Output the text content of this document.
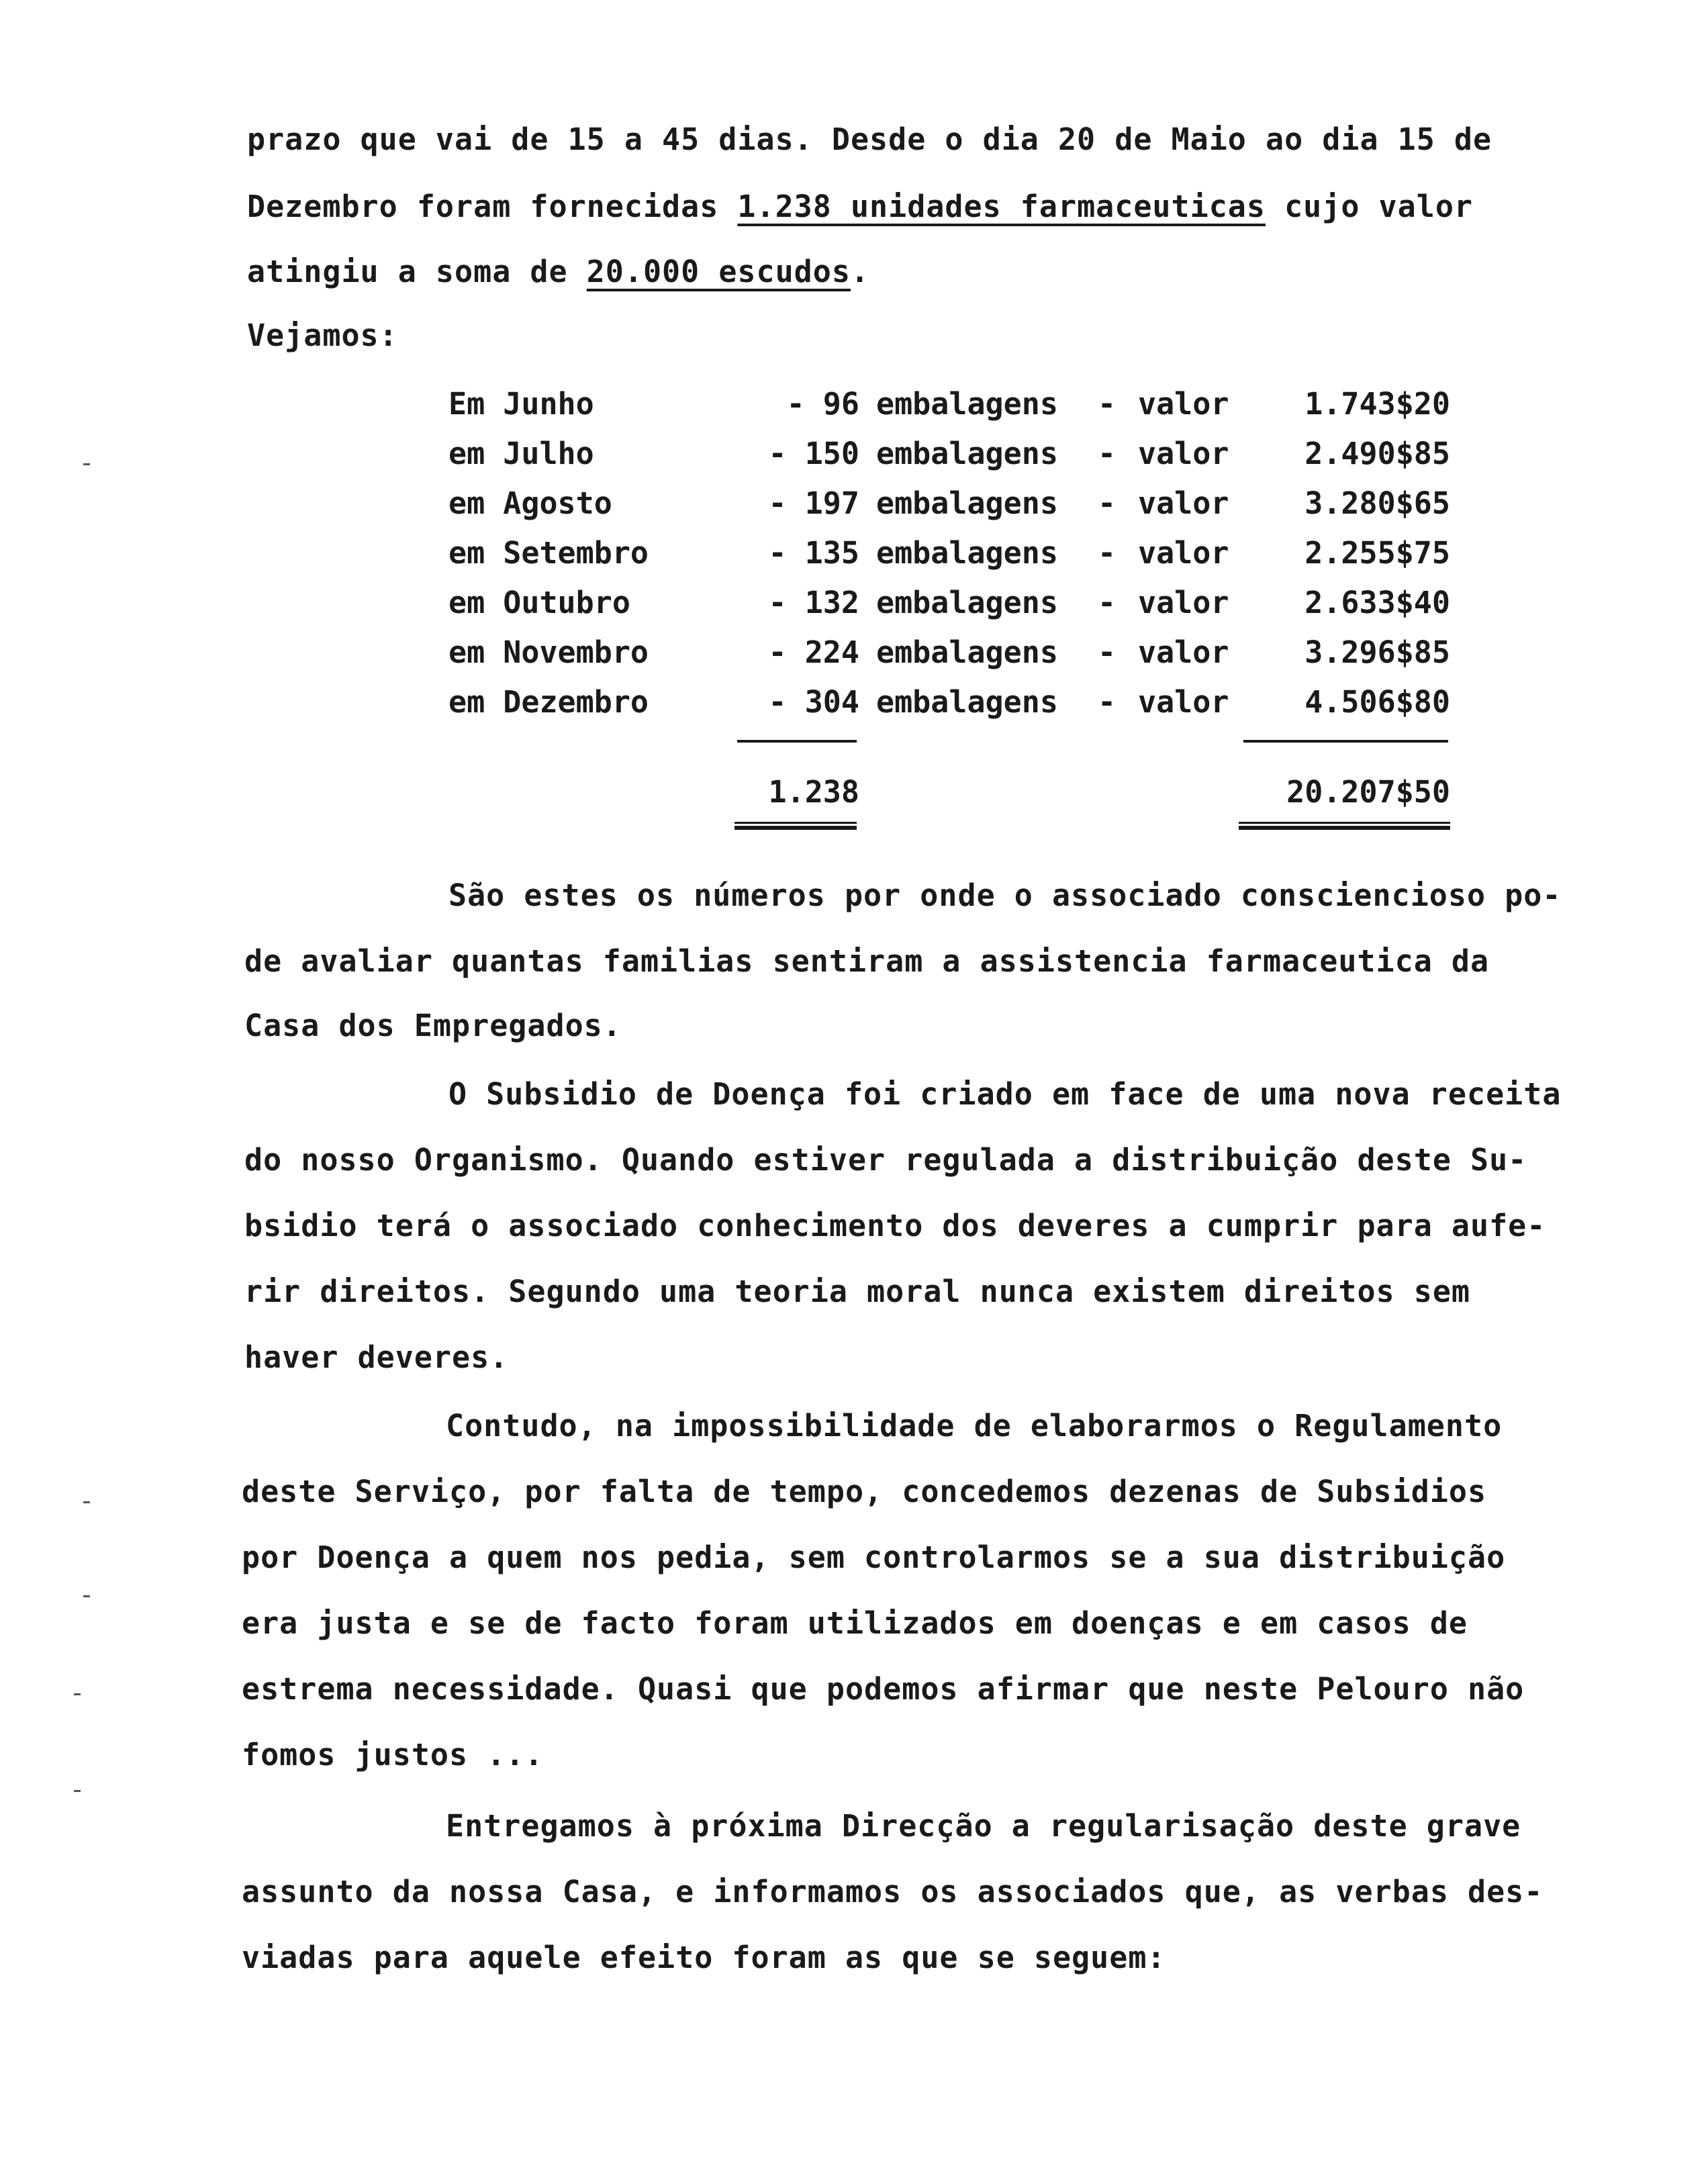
prazo que vai de 15 a 45 dias. Desde o dia 20 de Maio ao dia 15 de
Dezembro foram fornecidas 1.238 unidades farmaceuticas cujo valor
atingiu a soma de 20.000 escudos.
Vejamos:
Em Junho	- 96 embalagens - valor	1.743$20
em Julho	- 150 embalagens - valor	2.490$85
em Agosto	- 197 embalagens - valor	3.280$65
em Setembro	- 135 embalagens - valor	2.255$75
em Outubro	- 132 embalagens - valor	2.633$40
em Novembro	- 224 embalagens - valor	3.296$85
em Dezembro	- 304 embalagens - valor	4.506$80
1.238	20.207$50
São estes os números por onde o associado consciencioso po-
de avaliar quantas familias sentiram a assistencia farmaceutica da
Casa dos Empregados.
O Subsidio de Doença foi criado em face de uma nova receita
do nosso Organismo. Quando estiver regulada a distribuição deste Su-
bsidio terá o associado conhecimento dos deveres a cumprir para aufe-
rir direitos. Segundo uma teoria moral nunca existem direitos sem
haver deveres.
Contudo, na impossibilidade de elaborarmos o Regulamento
deste Serviço, por falta de tempo, concedemos dezenas de Subsidios
por Doença a quem nos pedia, sem controlarmos se a sua distribuição
era justa e se de facto foram utilizados em doenças e em casos de
estrema necessidade. Quasi que podemos afirmar que neste Pelouro não
fomos justos ...
Entregamos à próxima Direcção a regularisação deste grave
assunto da nossa Casa, e informamos os associados que, as verbas des-
viadas para aquele efeito foram as que se seguem:
